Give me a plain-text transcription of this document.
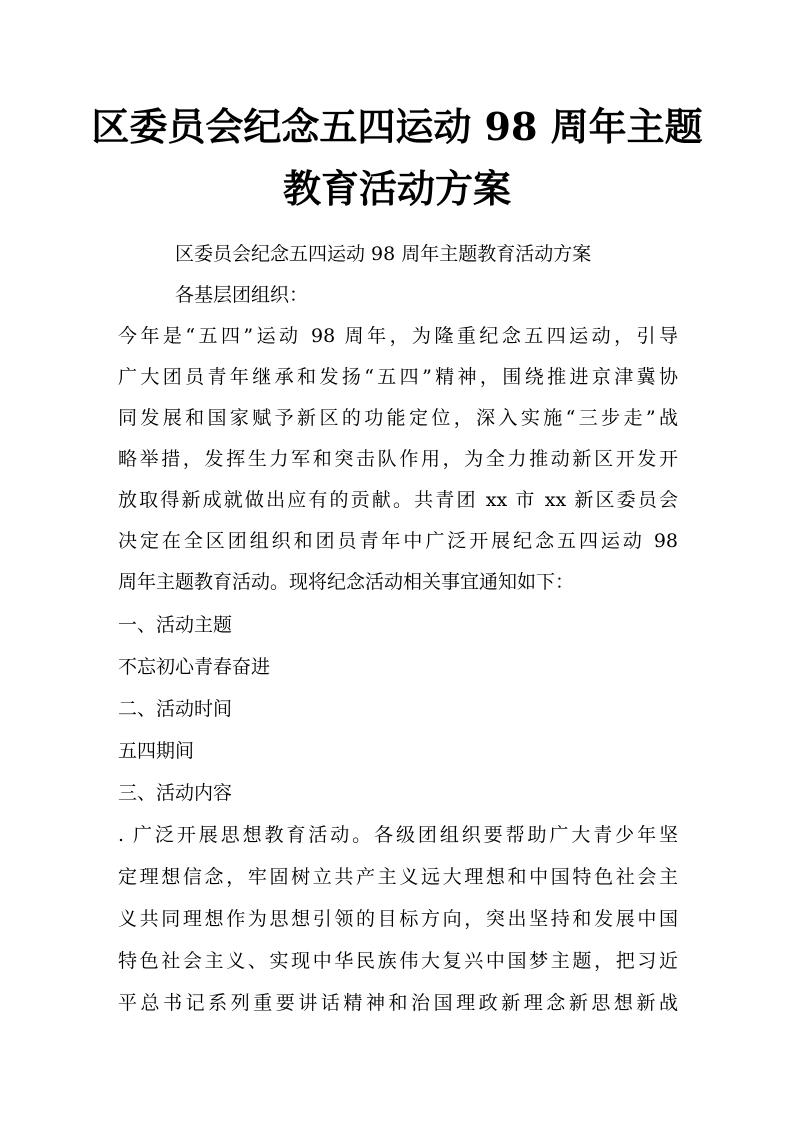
区委员会纪念五四运动 98 周年主题
教育活动方案
区委员会纪念五四运动 98 周年主题教育活动方案
各基层团组织：
今年是“五四”运动 98 周年，为隆重纪念五四运动，引导
广大团员青年继承和发扬“五四”精神，围绕推进京津冀协
同发展和国家赋予新区的功能定位，深入实施“三步走”战
略举措，发挥生力军和突击队作用，为全力推动新区开发开
放取得新成就做出应有的贡献。共青团 xx 市 xx 新区委员会
决定在全区团组织和团员青年中广泛开展纪念五四运动 98
周年主题教育活动。现将纪念活动相关事宜通知如下：
一、活动主题
不忘初心青春奋进
二、活动时间
五四期间
三、活动内容
. 广泛开展思想教育活动。各级团组织要帮助广大青少年坚
定理想信念，牢固树立共产主义远大理想和中国特色社会主
义共同理想作为思想引领的目标方向，突出坚持和发展中国
特色社会主义、实现中华民族伟大复兴中国梦主题，把习近
平总书记系列重要讲话精神和治国理政新理念新思想新战
